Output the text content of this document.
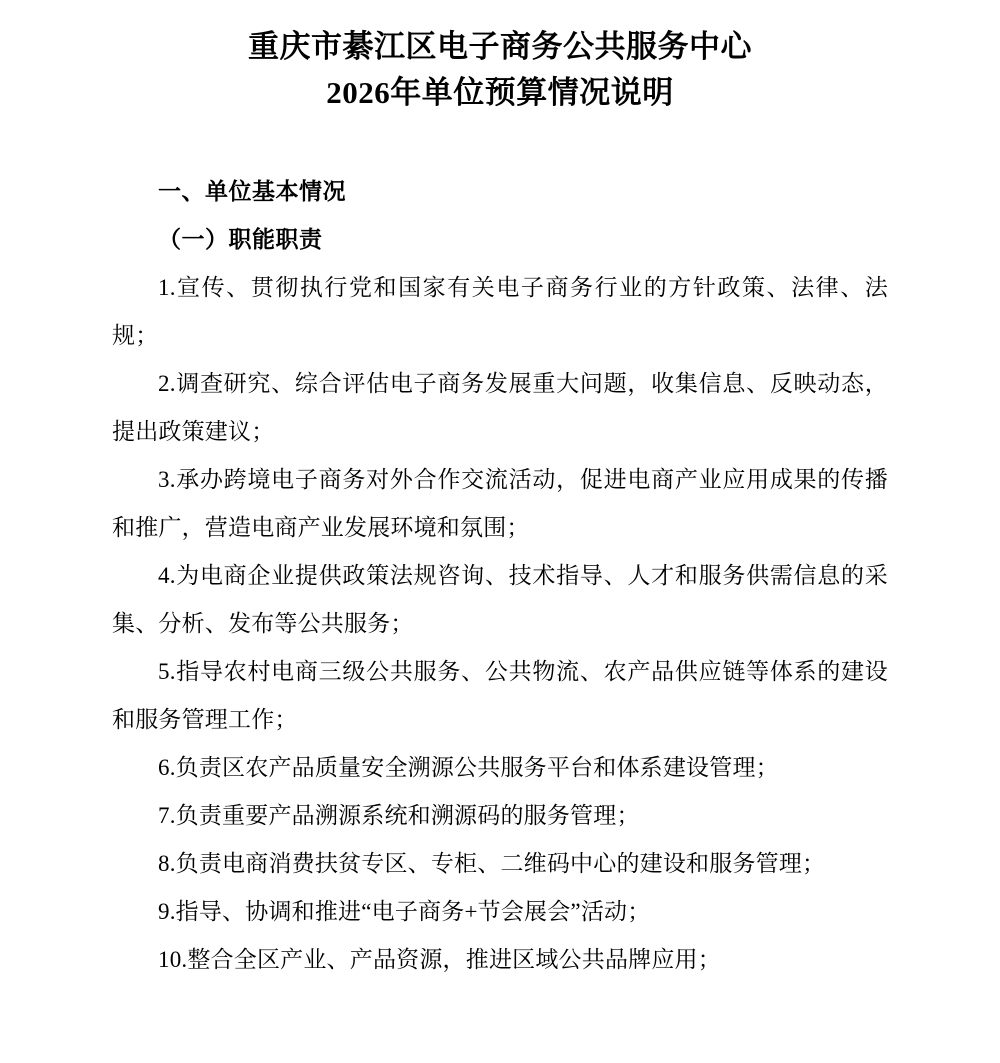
重庆市綦江区电子商务公共服务中心
2026年单位预算情况说明
一、单位基本情况
（一）职能职责

1.宣传、贯彻执行党和国家有关电子商务行业的方针政策、法律、法规；

2.调查研究、综合评估电子商务发展重大问题，收集信息、反映动态，提出政策建议；

3.承办跨境电子商务对外合作交流活动，促进电商产业应用成果的传播和推广，营造电商产业发展环境和氛围；

4.为电商企业提供政策法规咨询、技术指导、人才和服务供需信息的采集、分析、发布等公共服务；

5.指导农村电商三级公共服务、公共物流、农产品供应链等体系的建设和服务管理工作；

6.负责区农产品质量安全溯源公共服务平台和体系建设管理；

7.负责重要产品溯源系统和溯源码的服务管理；

8.负责电商消费扶贫专区、专柜、二维码中心的建设和服务管理；

9.指导、协调和推进“电子商务+节会展会”活动；

10.整合全区产业、产品资源，推进区域公共品牌应用；
